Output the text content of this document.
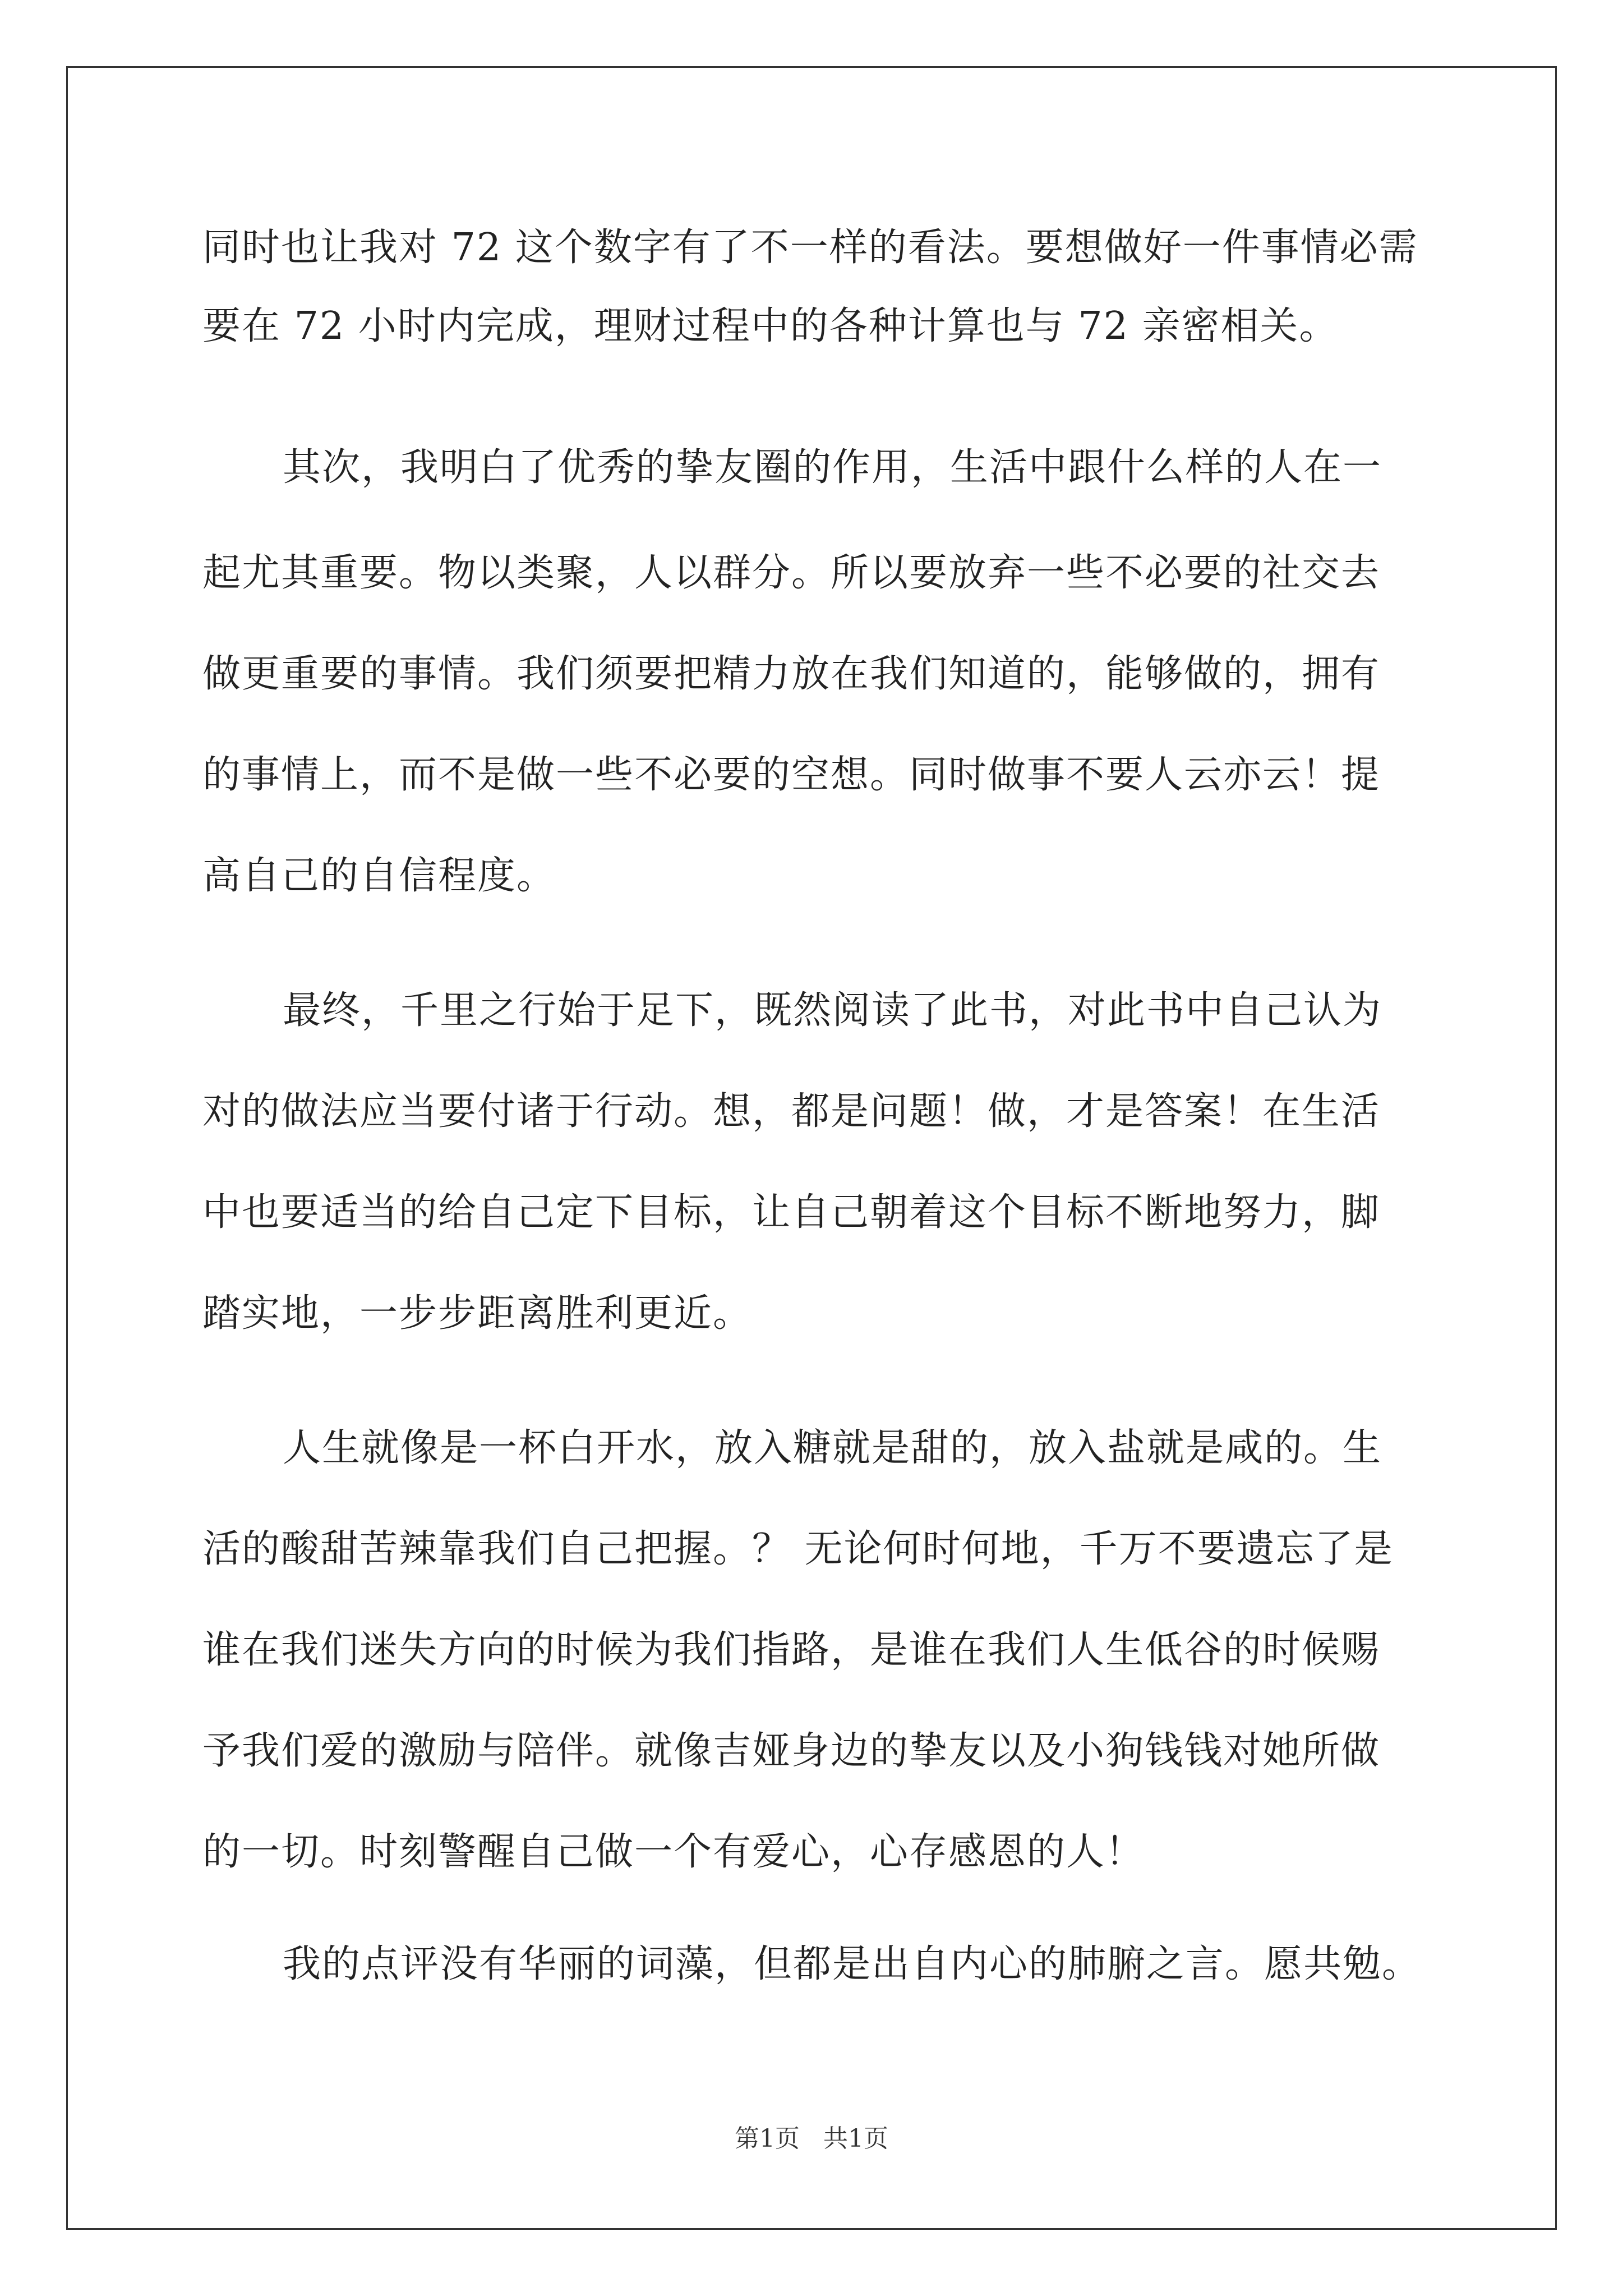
同时也让我对 72 这个数字有了不一样的看法。要想做好一件事情必需
要在 72 小时内完成，理财过程中的各种计算也与 72 亲密相关。
其次，我明白了优秀的挚友圈的作用，生活中跟什么样的人在一
起尤其重要。物以类聚，人以群分。所以要放弃一些不必要的社交去
做更重要的事情。我们须要把精力放在我们知道的，能够做的，拥有
的事情上，而不是做一些不必要的空想。同时做事不要人云亦云！提
高自己的自信程度。
最终，千里之行始于足下，既然阅读了此书，对此书中自己认为
对的做法应当要付诸于行动。想，都是问题！做，才是答案！在生活
中也要适当的给自己定下目标，让自己朝着这个目标不断地努力，脚
踏实地，一步步距离胜利更近。
人生就像是一杯白开水，放入糖就是甜的，放入盐就是咸的。生
活的酸甜苦辣靠我们自己把握。？ 无论何时何地，千万不要遗忘了是
谁在我们迷失方向的时候为我们指路，是谁在我们人生低谷的时候赐
予我们爱的激励与陪伴。就像吉娅身边的挚友以及小狗钱钱对她所做
的一切。时刻警醒自己做一个有爱心，心存感恩的人！
我的点评没有华丽的词藻，但都是出自内心的肺腑之言。愿共勉。
第1页 共1页
